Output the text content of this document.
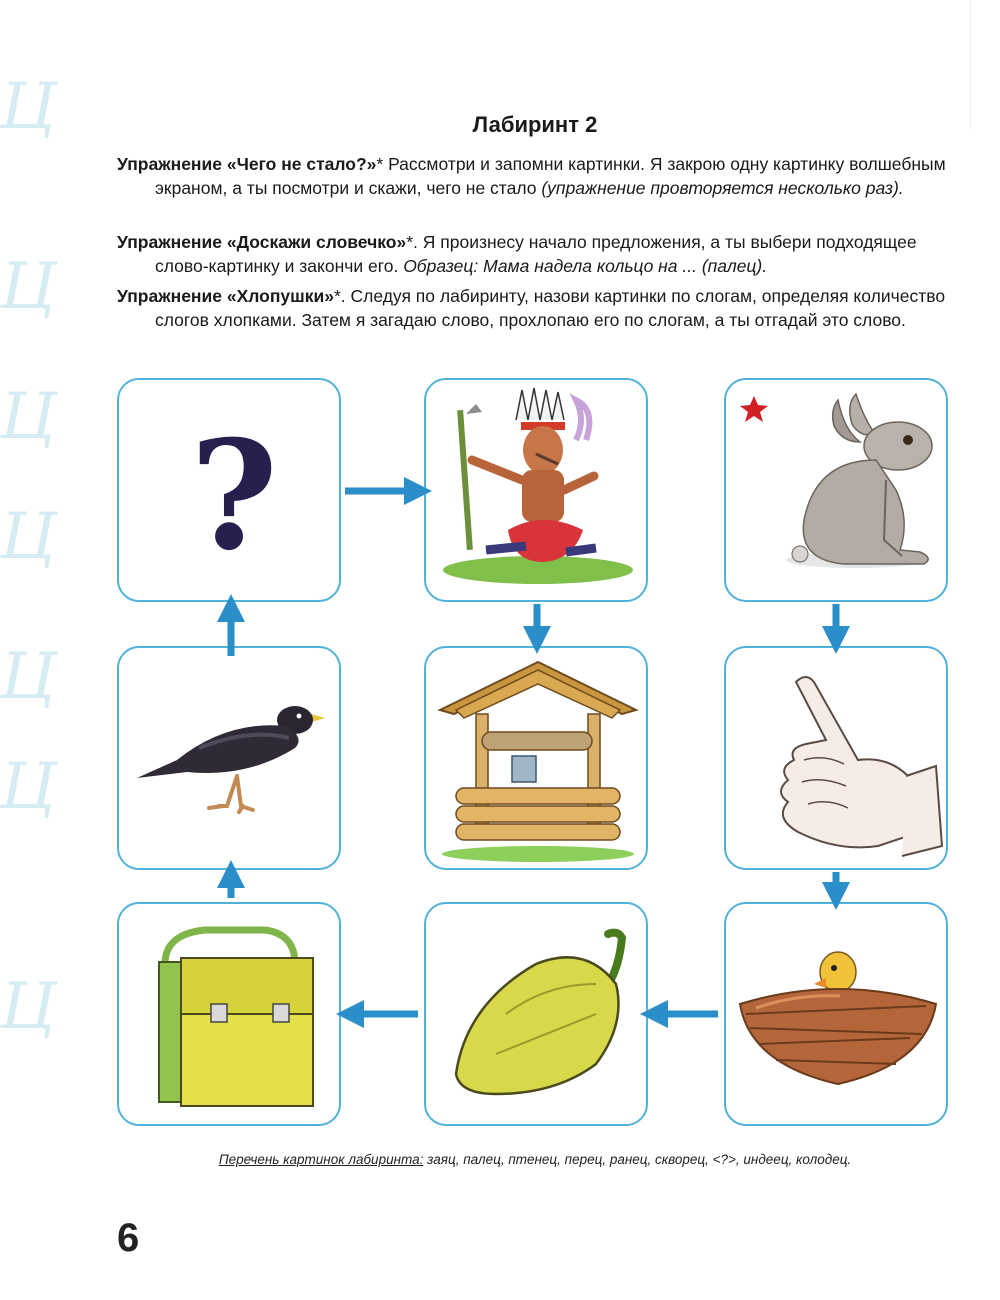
Ц
Ц
Ц
Ц
Ц
Ц
Ц
Лабиринт 2
Упражнение «Чего не стало?»* Рассмотри и запомни картинки. Я закрою одну картинку волшебным экраном, а ты посмотри и скажи, чего не стало (упражнение провторяется несколько раз).
Упражнение «Доскажи словечко»*. Я произнесу начало предложения, а ты выбери подходящее слово-картинку и закончи его. Образец: Мама надела кольцо на ... (палец).
Упражнение «Хлопушки»*. Следуя по лабиринту, назови картинки по слогам, определяя количество слогов хлопками. Затем я загадаю слово, прохлопаю его по слогам, а ты отгадай это слово.
?
Перечень картинок лабиринта: заяц, палец, птенец, перец, ранец, скворец, <?>, индеец, колодец.
6
